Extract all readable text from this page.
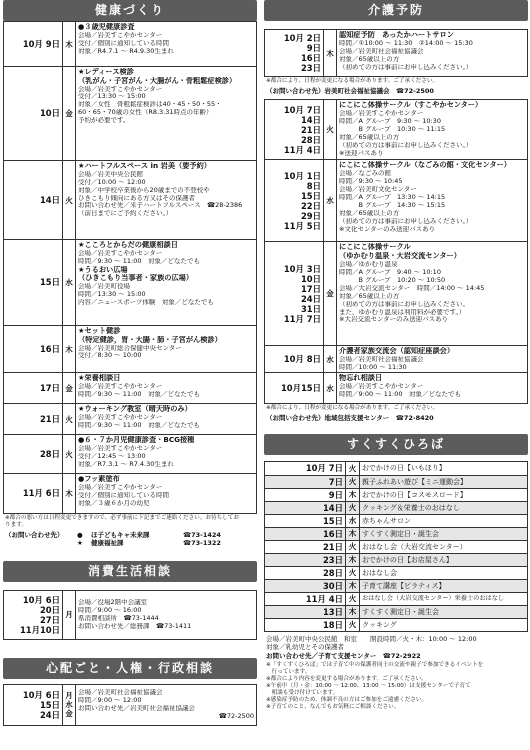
健康づくり
10月 9日 木
●３歳児健康診査
会場／岩美すこやかセンター
受付／個別に通知している時間
対象／R4.7.1 〜 R4.9.30生まれ
10日 金
★レディース検診
（乳がん・子宮がん・大腸がん・骨粗鬆症検診）
会場／岩美すこやかセンター
受付／13:30 〜 15:00
対象／女性　骨粗鬆症検診は40・45・50・55・
60・65・70歳の女性（R8.3.31時点の年齢）
予約が必要です。
14日 火
★ハートフルスペース in 岩美（要予約）
会場／岩美中央公民館
受付／10:00 〜 12:00
対象／中学校卒業後から20歳までの不登校や
ひきこもり傾向にある方又はその保護者
お問い合わせ先／米子ハートフルスペース　☎28-2386
（前日までにご予約ください。）
15日 水
★こころとからだの健康相談日
会場／岩美すこやかセンター
時間／9:30 〜 11:00　対象／どなたでも
★うるおい広場
（ひきこもり当事者・家族の広場）
会場／岩美町役場
時間／13:30 〜 15:00
内容／ニュースポーツ体験　対象／どなたでも
16日 木
★セット健診
（特定健診，胃・大腸・肺・子宮がん検診）
会場／岩美町総合保健中央センター
受付／8:30 〜 10:00
17日 金
★栄養相談日
会場／岩美すこやかセンター
時間／9:30 〜 11:00　対象／どなたでも
21日 火
★ウォーキング教室（晴天時のみ）
会場／岩美すこやかセンター
時間／9:30 〜 11:00　対象／どなたでも
28日 火
●６・７か月児健康診査・BCG接種
会場／岩美すこやかセンター
受付／12:45 〜 13:00
対象／R7.3.1 〜 R7.4.30生まれ
11月 6日 木
●フッ素塗布
会場／岩美すこやかセンター
受付／個別に通知している時間
対象／３歳６か月の幼児
※都合の悪い方は日程変更できますので、必ず事前に下記までご連絡ください。お待ちしてお
ります。
（お問い合わせ先）	●	ほ子どもキャ未来課	☎73-1424
★	健康福祉課	☎73-1322
消費生活相談
10月 6日
20日
27日
11月10日
月
会場／役場2階中会議室
時間／9:00 〜 16:00
県消費相談所　☎73-1444
お問い合わせ先／総務課　☎73-1411
心配ごと・人権・行政相談
10月 6日
15日
24日
月
水
金
会場／岩美町社会福祉協議会
時間／9:00 〜 12:00
お問い合わせ先／岩美町社会福祉協議会
☎72-2500
介護予防
10月 2日
9日
16日
23日
木
認知症予防　あったかハートサロン
時間／①10:00 〜 11:30　②14:00 〜 15:30
会場／岩美町社会福祉協議会
対象／65歳以上の方
（初めての方は事前にお申し込みください。）
※都合により、日程が変更になる場合があります。ご了承ください。
（お問い合わせ先）岩美町社会福祉協議会　☎72-2500
10月 7日
14日
21日
28日
11月 4日
火
にこにこ体操サークル（すこやかセンター）
会場／岩美すこやかセンター
時間／A グループ　9:30 〜 10:30
　　　B グループ　10:30 〜 11:15
対象／65歳以上の方
（初めての方は事前にお申し込みください。）
※送迎バスあり
10月 1日
8日
15日
22日
29日
11月 5日
水
にこにこ体操サークル（なごみの館・文化センター）
会場／なごみの館
時間／9:30 〜 10:45
会場／岩美町文化センター
時間／A グループ　13:30 〜 14:15
　　　B グループ　14:30 〜 15:15
対象／65歳以上の方
（初めての方は事前にお申し込みください。）
※文化センターのみ送迎バスあり
10月 3日
10日
17日
24日
31日
11月 7日
金
にこにこ体操サークル
（ゆかむり温泉・大岩交流センター）
会場／ゆかむり温泉
時間／A グループ　9:40 〜 10:10
　　　B グループ　10:20 〜 10:50
会場／大岩交流センター　時間／14:00 〜 14:45
対象／65歳以上の方
（初めての方は事前にお申し込みください。
また、ゆかむり温泉は利用料が必要です。）
※大岩交流センターのみ送迎バスあり
10月 8日 水
介護者家族交流会（認知症座談会）
会場／岩美町社会福祉協議会
時間／10:00 〜 11:30
10月15日 水
物忘れ相談日
会場／岩美すこやかセンター
時間／9:00 〜 11:00　対象／どなたでも
※都合により、日程が変更になる場合があります。ご了承ください。
（お問い合わせ先）地域包括支援センター　☎72-8420
すくすくひろば
10月 7日 火 おでかけの日【いもほり】
7日 火 親子ふれあい遊び【ミニ運動会】
9日 木 おでかけの日【コスモスロード】
14日 火 クッキング＆栄養士のおはなし
15日 水 赤ちゃんサロン
16日 木 すくすく測定日・誕生会
21日 火 おはなし会（大岩交流センター）
23日 木 おでかけの日【お店屋さん】
28日 火 おはなし会
30日 木 子育て講座【ピラティス】
11月 4日 火 おはなし会（大岩交流センター）栄養士のおはなし
13日 木 すくすく測定日・誕生会
18日 火 クッキング
会場／岩美町中央公民館　和室　　開設時間／火・木：10:00 〜 12:00
対象／乳幼児とその保護者
お問い合わせ先／子育て支援センター　☎72-2922
※「すくすくひろば」では子育て中の保護者同士の交流や親子で参加できるイベントを
　行っています。
※都合により内容を変更する場合があります。ご了承ください。
※午前中（月・金：10:00 〜 12:00、13:00 〜 15:00）は支援センターで子育て
　相談も受け付けています。
※感染症予防のため、体調不良の方はご参加をご遠慮ください。
※子育てのこと、なんでもお気軽にご相談ください。
